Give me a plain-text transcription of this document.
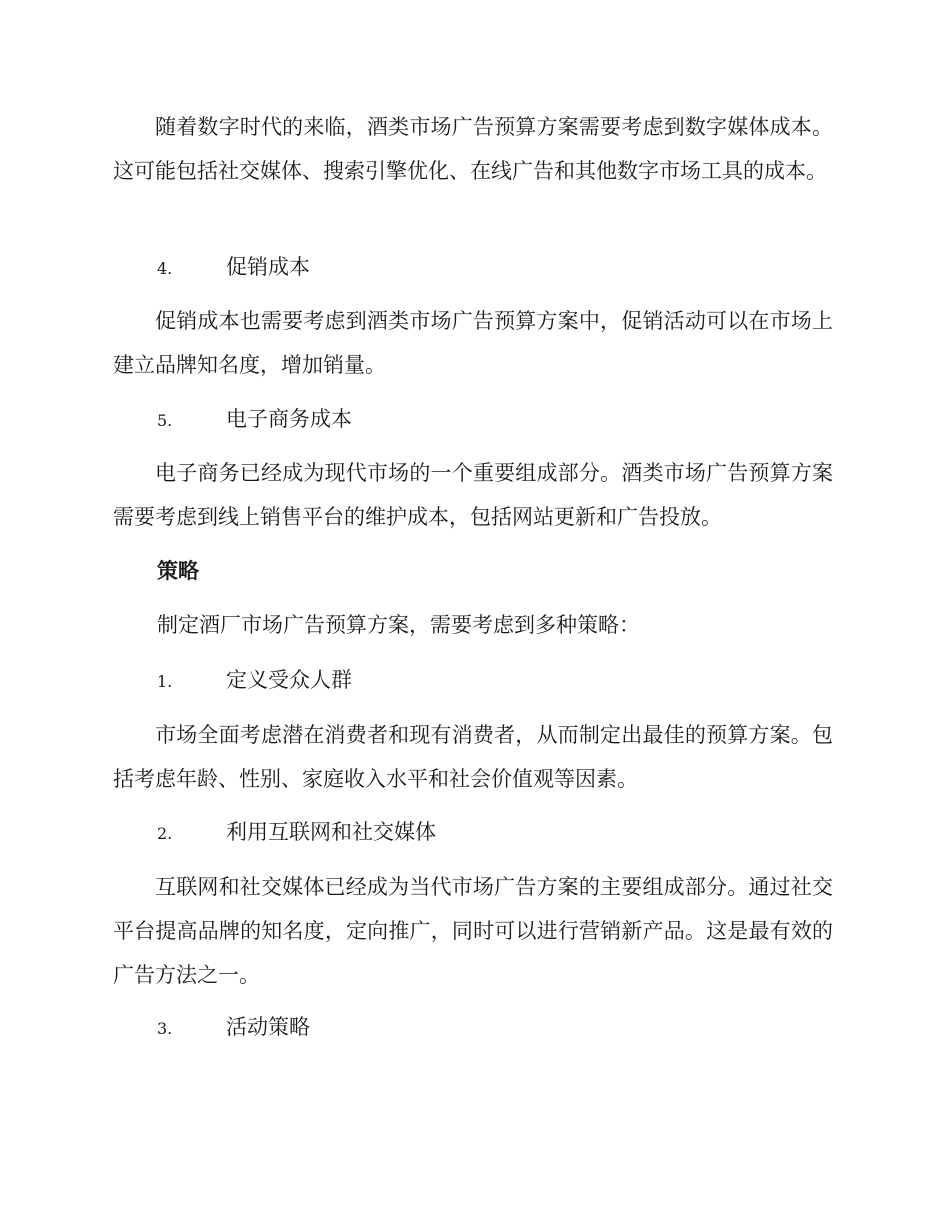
随着数字时代的来临，酒类市场广告预算方案需要考虑到数字媒体成本。这可能包括社交媒体、搜索引擎优化、在线广告和其他数字市场工具的成本。

4.	促销成本

促销成本也需要考虑到酒类市场广告预算方案中，促销活动可以在市场上建立品牌知名度，增加销量。

5.	电子商务成本

电子商务已经成为现代市场的一个重要组成部分。酒类市场广告预算方案需要考虑到线上销售平台的维护成本，包括网站更新和广告投放。

策略

制定酒厂市场广告预算方案，需要考虑到多种策略：

1.	定义受众人群

市场全面考虑潜在消费者和现有消费者，从而制定出最佳的预算方案。包括考虑年龄、性别、家庭收入水平和社会价值观等因素。

2.	利用互联网和社交媒体

互联网和社交媒体已经成为当代市场广告方案的主要组成部分。通过社交平台提高品牌的知名度，定向推广，同时可以进行营销新产品。这是最有效的广告方法之一。

3.	活动策略
